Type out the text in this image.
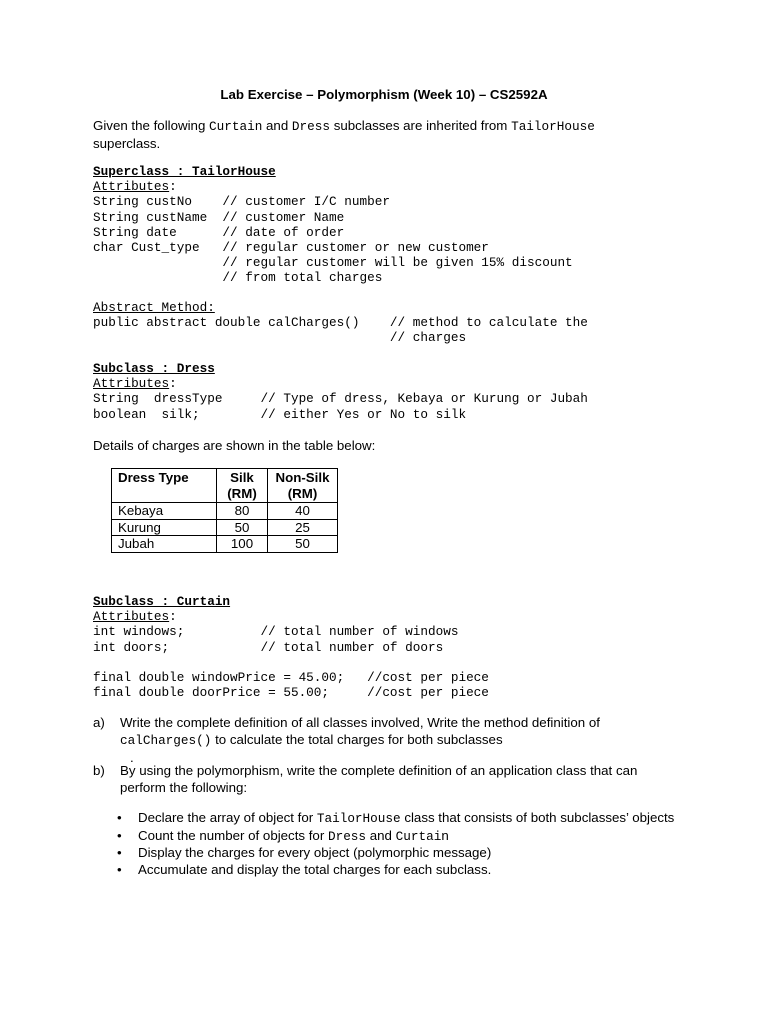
Lab Exercise – Polymorphism (Week 10) – CS2592A
Given the following Curtain and Dress subclasses are inherited from TailorHouse
superclass.
Superclass : TailorHouse
Attributes:
String custNo    // customer I/C number
String custName  // customer Name
String date      // date of order
char Cust_type   // regular customer or new customer
// regular customer will be given 15% discount
// from total charges
Abstract Method:
public abstract double calCharges()    // method to calculate the
// charges
Subclass : Dress
Attributes:
String  dressType     // Type of dress, Kebaya or Kurung or Jubah
boolean  silk;        // either Yes or No to silk
Details of charges are shown in the table below:
Dress Type	Silk (RM)	Non-Silk (RM)
Kebaya	80	40
Kurung	50	25
Jubah	100	50
Subclass : Curtain
Attributes:
int windows;          // total number of windows
int doors;            // total number of doors

final double windowPrice = 45.00;   //cost per piece
final double doorPrice = 55.00;     //cost per piece
a) Write the complete definition of all classes involved, Write the method definition of
calCharges() to calculate the total charges for both subclasses
.
b) By using the polymorphism, write the complete definition of an application class that can perform the following:
• Declare the array of object for TailorHouse class that consists of both subclasses’ objects
• Count the number of objects for Dress and Curtain
• Display the charges for every object (polymorphic message)
• Accumulate and display the total charges for each subclass.
